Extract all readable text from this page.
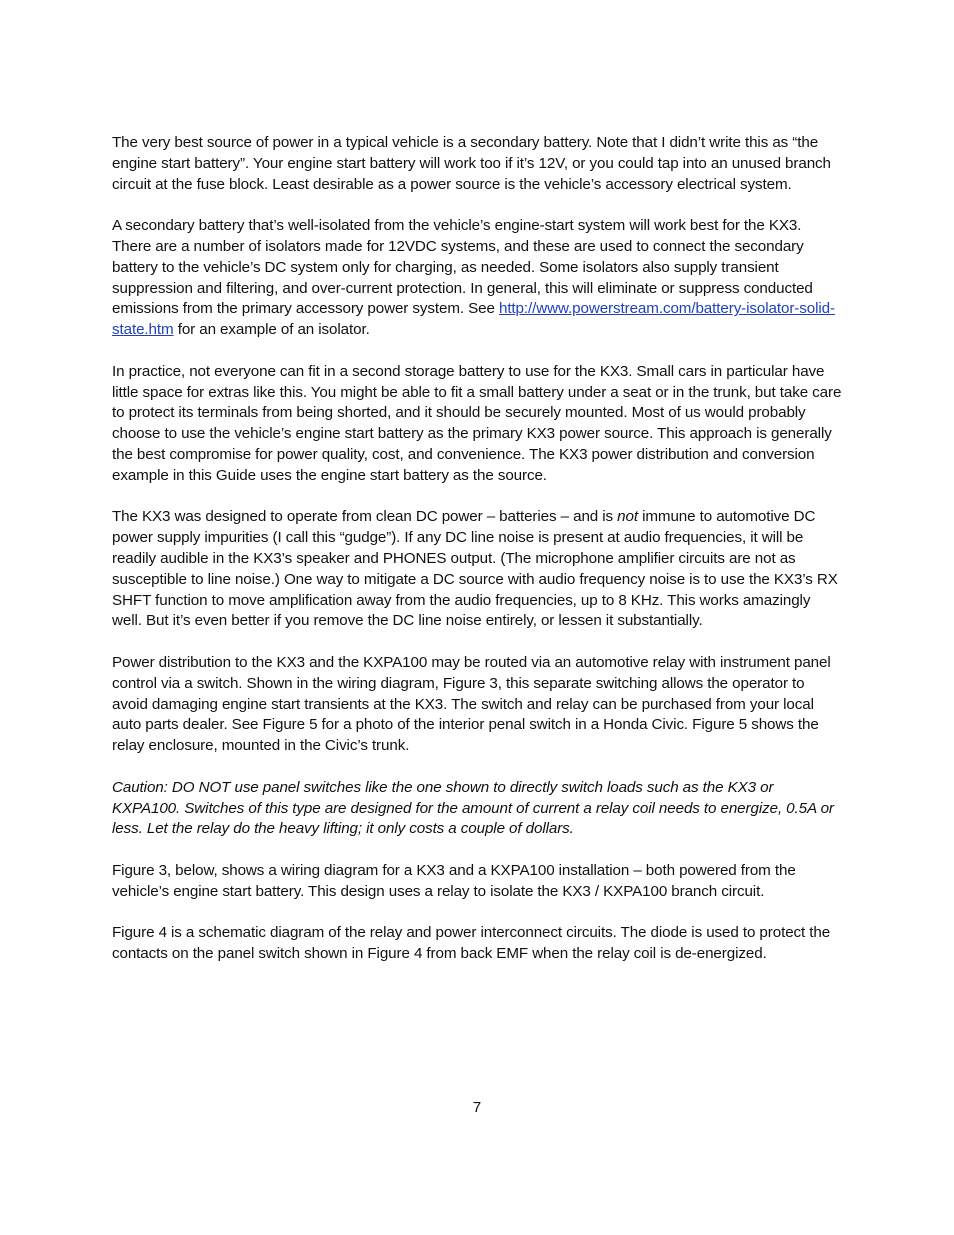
The very best source of power in a typical vehicle is a secondary battery. Note that I didn’t write this as “the engine start battery”. Your engine start battery will work too if it’s 12V, or you could tap into an unused branch circuit at the fuse block. Least desirable as a power source is the vehicle’s accessory electrical system.

A secondary battery that’s well-isolated from the vehicle’s engine-start system will work best for the KX3. There are a number of isolators made for 12VDC systems, and these are used to connect the secondary battery to the vehicle’s DC system only for charging, as needed. Some isolators also supply transient suppression and filtering, and over-current protection. In general, this will eliminate or suppress conducted emissions from the primary accessory power system. See http://www.powerstream.com/battery-isolator-solid-state.htm for an example of an isolator.

In practice, not everyone can fit in a second storage battery to use for the KX3. Small cars in particular have little space for extras like this. You might be able to fit a small battery under a seat or in the trunk, but take care to protect its terminals from being shorted, and it should be securely mounted. Most of us would probably choose to use the vehicle’s engine start battery as the primary KX3 power source. This approach is generally the best compromise for power quality, cost, and convenience. The KX3 power distribution and conversion example in this Guide uses the engine start battery as the source.

The KX3 was designed to operate from clean DC power – batteries – and is not immune to automotive DC power supply impurities (I call this “gudge”). If any DC line noise is present at audio frequencies, it will be readily audible in the KX3’s speaker and PHONES output. (The microphone amplifier circuits are not as susceptible to line noise.) One way to mitigate a DC source with audio frequency noise is to use the KX3’s RX SHFT function to move amplification away from the audio frequencies, up to 8 KHz. This works amazingly well. But it’s even better if you remove the DC line noise entirely, or lessen it substantially.

Power distribution to the KX3 and the KXPA100 may be routed via an automotive relay with instrument panel control via a switch. Shown in the wiring diagram, Figure 3, this separate switching allows the operator to avoid damaging engine start transients at the KX3. The switch and relay can be purchased from your local auto parts dealer. See Figure 5 for a photo of the interior penal switch in a Honda Civic. Figure 5 shows the relay enclosure, mounted in the Civic’s trunk.

Caution: DO NOT use panel switches like the one shown to directly switch loads such as the KX3 or KXPA100. Switches of this type are designed for the amount of current a relay coil needs to energize, 0.5A or less. Let the relay do the heavy lifting; it only costs a couple of dollars.

Figure 3, below, shows a wiring diagram for a KX3 and a KXPA100 installation – both powered from the vehicle’s engine start battery. This design uses a relay to isolate the KX3 / KXPA100 branch circuit.

Figure 4 is a schematic diagram of the relay and power interconnect circuits. The diode is used to protect the contacts on the panel switch shown in Figure 4 from back EMF when the relay coil is de-energized.

7
